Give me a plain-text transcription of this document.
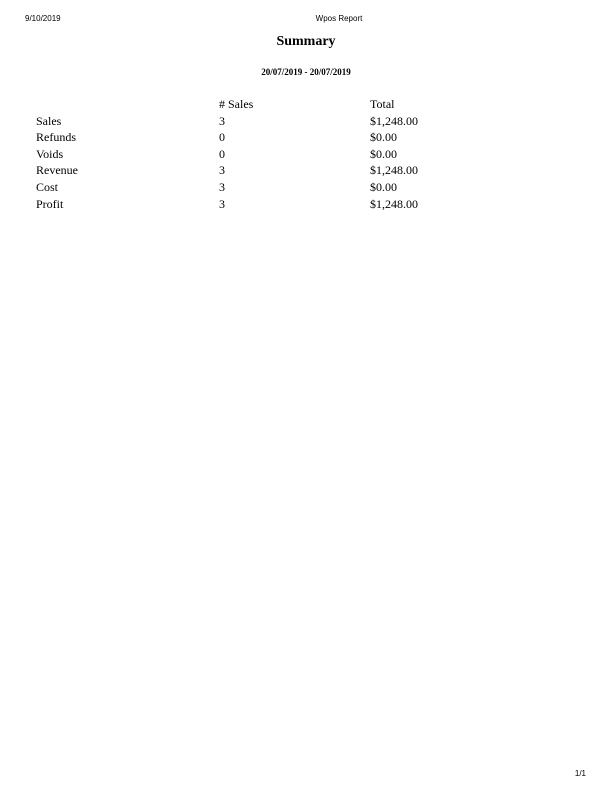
9/10/2019	Wpos Report
Summary
20/07/2019 - 20/07/2019
	# Sales	Total
Sales	3	$1,248.00
Refunds	0	$0.00
Voids	0	$0.00
Revenue	3	$1,248.00
Cost	3	$0.00
Profit	3	$1,248.00
1/1
